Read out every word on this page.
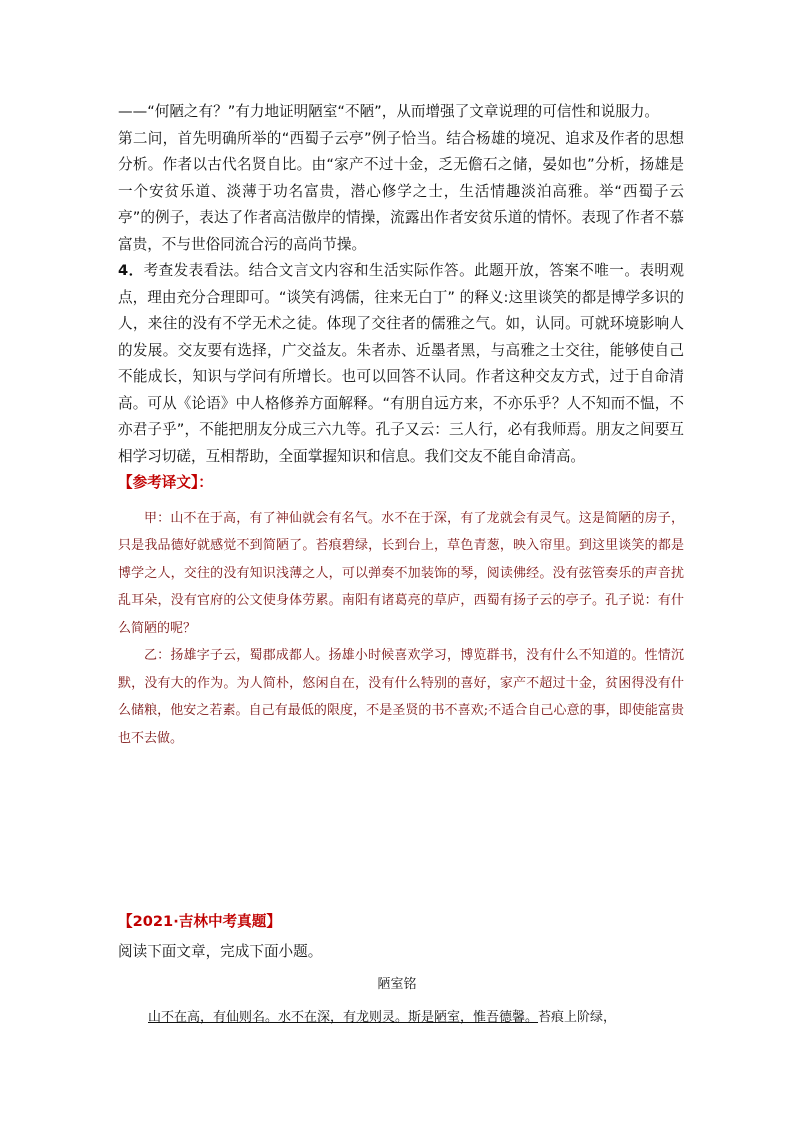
——“何陋之有？”有力地证明陋室“不陋”，从而增强了文章说理的可信性和说服力。

第二问，首先明确所举的“西蜀子云亭”例子恰当。结合杨雄的境况、追求及作者的思想分析。作者以古代名贤自比。由“家产不过十金，乏无儋石之储，晏如也”分析，扬雄是一个安贫乐道、淡薄于功名富贵，潜心修学之士，生活情趣淡泊高雅。举“西蜀子云亭”的例子，表达了作者高洁傲岸的情操，流露出作者安贫乐道的情怀。表现了作者不慕富贵，不与世俗同流合污的高尚节操。

4．考查发表看法。结合文言文内容和生活实际作答。此题开放，答案不唯一。表明观点，理由充分合理即可。“谈笑有鸿儒，往来无白丁” 的释义:这里谈笑的都是博学多识的人，来往的没有不学无术之徒。体现了交往者的儒雅之气。如，认同。可就环境影响人的发展。交友要有选择，广交益友。朱者赤、近墨者黑，与高雅之士交往，能够使自己不能成长，知识与学问有所增长。也可以回答不认同。作者这种交友方式，过于自命清高。可从《论语》中人格修养方面解释。“有朋自远方来，不亦乐乎？人不知而不愠，不亦君子乎”，不能把朋友分成三六九等。孔子又云：三人行，必有我师焉。朋友之间要互相学习切磋，互相帮助，全面掌握知识和信息。我们交友不能自命清高。

【参考译文】：

甲：山不在于高，有了神仙就会有名气。水不在于深，有了龙就会有灵气。这是简陋的房子，只是我品德好就感觉不到简陋了。苔痕碧绿，长到台上，草色青葱，映入帘里。到这里谈笑的都是博学之人，交往的没有知识浅薄之人，可以弹奏不加装饰的琴，阅读佛经。没有弦管奏乐的声音扰乱耳朵，没有官府的公文使身体劳累。南阳有诸葛亮的草庐，西蜀有扬子云的亭子。孔子说：有什么简陋的呢？

乙：扬雄字子云，蜀郡成都人。扬雄小时候喜欢学习，博览群书，没有什么不知道的。性情沉默，没有大的作为。为人简朴，悠闲自在，没有什么特别的喜好，家产不超过十金，贫困得没有什么储粮，他安之若素。自己有最低的限度，不是圣贤的书不喜欢;不适合自己心意的事，即使能富贵也不去做。

【2021·吉林中考真题】
阅读下面文章，完成下面小题。
陋室铭
山不在高，有仙则名。水不在深，有龙则灵。斯是陋室，惟吾德馨。苔痕上阶绿，
